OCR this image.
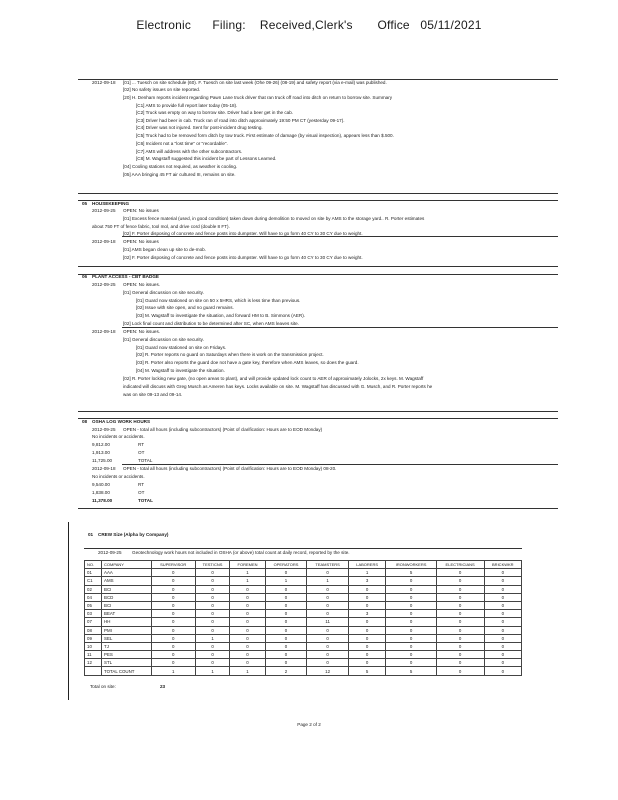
Electronic Filing: Received,Clerk's Office 05/11/2021
2012-09-18 [01] ... Tuesch on site schedule (60). F. Tuesch on site last week (Ohe 09-26) (08-19) and safety report (via e-mail) was published.
[02] No safety issues on site reported.
[20] H. Denham reports incident regarding Pawn Lane truck driver that ran truck off road into ditch on return to borrow site. Summary
[C1] AMS to provide full report later today (05-18).
[C2] Truck was empty on way to borrow site. Driver had a beer get in the cab.
[C3] Driver had beer in cab. Truck ran of road into ditch approximately 19:50 PM CT (yesterday 09-17).
[C4] Driver was not injured. Sent for post-incident drug testing.
[C5] Truck had to be removed form ditch by tow truck. First estimate of damage (by visual inspection), appears less than $.500.
[C6] Incident not a "lost time" or "recordable".
[C7] AMS will address with the other subcontractors.
[C8] M. Wagstaff suggested this incident be part of Lessons Learned.
[04] Cooling stations not required, as weather is cooling.
[05] AAA bringing 45 FT air cultured III, remains on site.
05 HOUSEKEEPING
2012-09-25 OPEN: No issues
[01] Excess fence material (used, in good condition) taken down during demolition to moved on site by AMS to the storage yard.. R. Porter estimates
about 750 FT of fence fabric, tool mol, and drive cord (double 8 FT).
[02] F. Porter disposing of concrete and fence posts into dumpster. Will have to go form 40 CY to 30 CY due to weight.
2012-09-18 OPEN: No issues
[01] AMS began clean up site to de-mob.
[02] F. Porter disposing of concrete and fence posts into dumpster. Will have to go form 40 CY to 30 CY due to weight.
06 PLANT ACCESS - CBT BADGE
2012-09-25 OPEN: No issues.
[01] General discussion on site security.
[01] Guard now stationed on site on 50 x 5HRS, which is less time than previous.
[02] Issue with site open, and no guard remains.
[03] M. Wagstaff to investigate the situation, and forward HM to B. Simmons (AER).
[02] Lock final count and distribution to be determined after SC, when AMS leaves site.
2012-09-18 OPEN: No issues.
[01] General discussion on site security.
[01] Guard now stationed on site on Fridays.
[02] R. Porter reports no guard on Saturdays when there is work on the transmission project.
[03] R. Porter also reports the guard doe not have a gate key, therefore when AMS leaves, so does the guard.
[04] M. Wagstaff to investigate the situation.
[02] R. Porter locking new gate, (no open areas to plant), and will provide updated lock count to AER of approximately Jolocks, 2x keys. M. Wagstaff
indicated will discuss with Greg Musch as Ameren has keys. Locks available on site. M. Wagstaff has discussed with G. Musch, and R. Porter reports he
was on site 09-13 and 09-14.
08 OSHA LOG WORK HOURS
2012-09-25 OPEN - total all hours (including subcontractors) (Point of clarification: Hours are to EOD Monday)
No incidents or accidents.
9,812.00	RT
1,913.00	OT
11,725.00	TOTAL
2012-09-18 OPEN - total all hours (including subcontractors) (Point of clarification: Hours are to EOD Monday) 08-20.
No incidents or accidents.
9,540.00	RT
1,838.00	OT
11,378.00	TOTAL
01 CREW Size (Alpha by Company)
2012-09-25 Geotechnology work hours not included in OSHA (or above) total count at daily record, reported by the site.
Total on site:	23
NO.	COMPANY	SUPERVISOR	TEST/CNS	FOREMEN	OPERATORS	TEAMSTERS	LABORERS	IRONWORKERS	ELECTRICIANS	BRICKWKR
01	AAA	0	0	1	0	0	1	5	0	0
C1	AMS	0	0	1	1	1	3	0	0	0
02	BCI	0	0	0	0	0	0	0	0	0
04	BCD	0	0	0	0	0	0	0	0	0
05	BCI	0	0	0	0	0	0	0	0	0
03	BEAT	0	0	0	0	0	3	0	0	0
07	HH	0	0	0	0	11	0	0	0	0
08	PMI	0	0	0	0	0	0	0	0	0
09	SEL	0	1	0	0	0	0	0	0	0
10	TJ	0	0	0	0	0	0	0	0	0
11	PES	0	0	0	0	0	0	0	0	0
12	STL	0	0	0	0	0	0	0	0	0
	TOTAL COUNT	1	1	1	2	12	5	5	0	0
Page 2 of 2
